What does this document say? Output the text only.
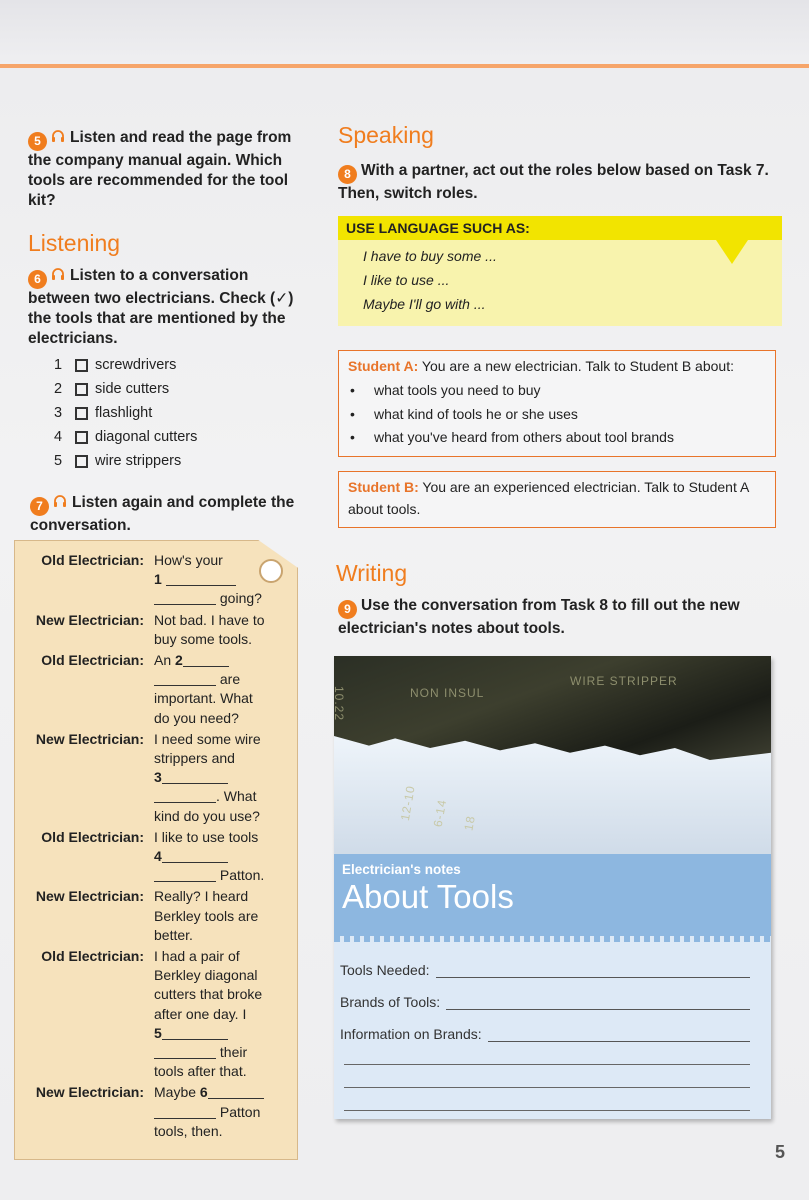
5 Listen and read the page from the company manual again. Which tools are recommended for the tool kit?
Listening
6 Listen to a conversation between two electricians. Check (✓) the tools that are mentioned by the electricians.
1	screwdrivers
2	side cutters
3	flashlight
4	diagonal cutters
5	wire strippers
7 Listen again and complete the conversation.
Old Electrician: How's your
1
going?
New Electrician: Not bad. I have to buy some tools.
Old Electrician: An 2
are important. What do you need?
New Electrician: I need some wire strippers and
3
. What kind do you use?
Old Electrician: I like to use tools
4
Patton.
New Electrician: Really? I heard Berkley tools are better.
Old Electrician: I had a pair of Berkley diagonal cutters that broke after one day. I
5
their tools after that.
New Electrician: Maybe 6
Patton tools, then.
Speaking
8 With a partner, act out the roles below based on Task 7. Then, switch roles.
USE LANGUAGE SUCH AS:
I have to buy some ...
I like to use ...
Maybe I'll go with ...
Student A: You are a new electrician. Talk to Student B about:
• what tools you need to buy
• what kind of tools he or she uses
• what you've heard from others about tool brands
Student B: You are an experienced electrician. Talk to Student A about tools.
Writing
9 Use the conversation from Task 8 to fill out the new electrician's notes about tools.
NON INSUL
WIRE STRIPPER
10.22
12-10 6-14 18
Electrician's notes
About Tools
Tools Needed:
Brands of Tools:
Information on Brands:
5
